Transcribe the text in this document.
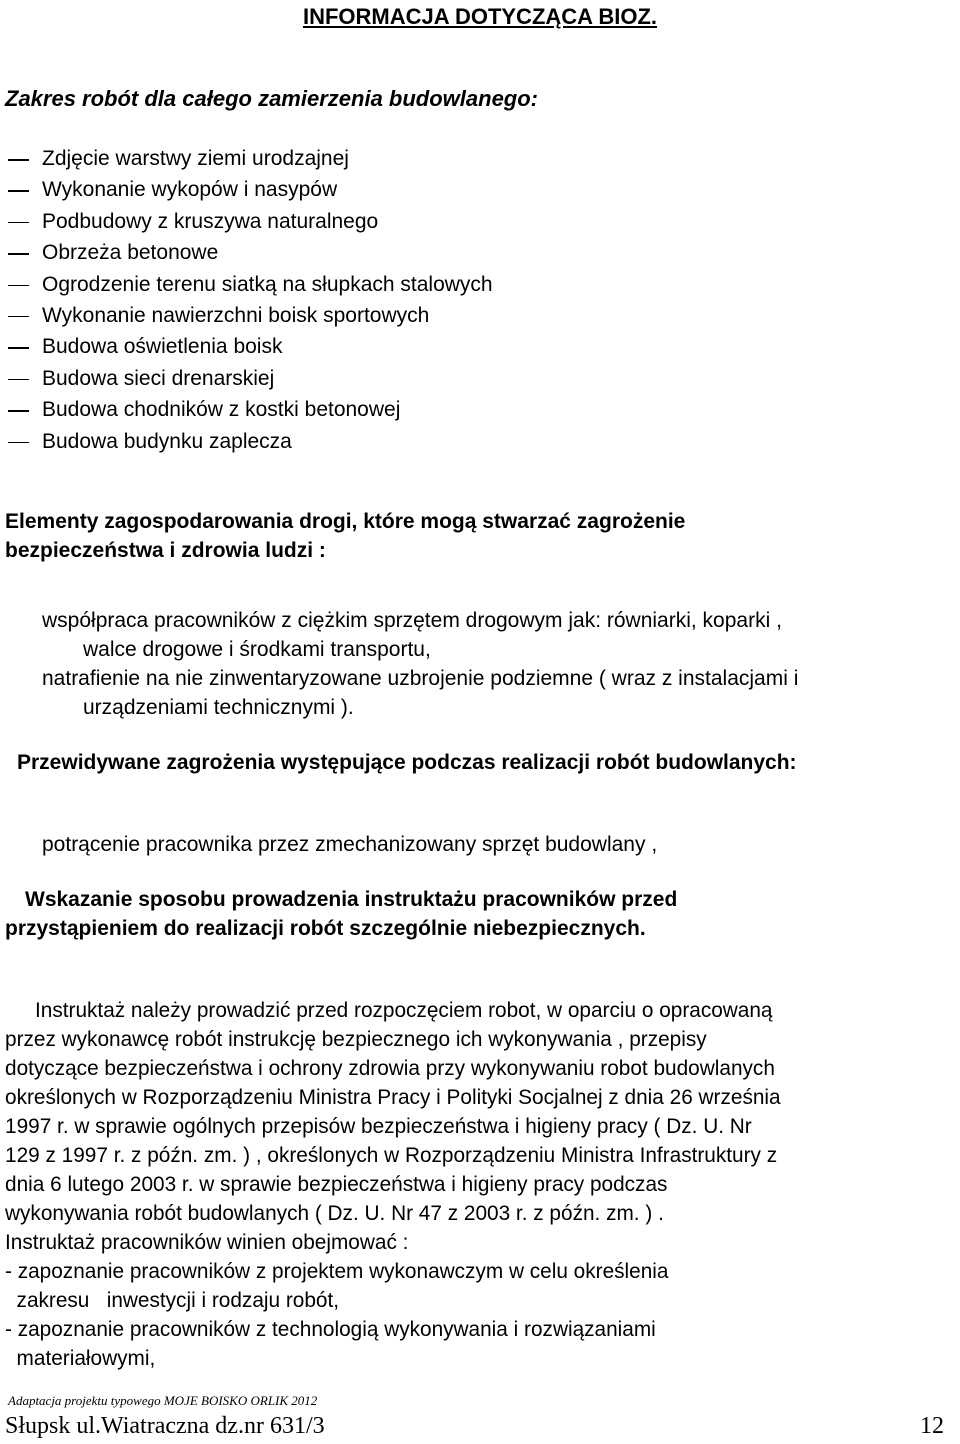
INFORMACJA DOTYCZĄCA BIOZ.
Zakres robót dla całego zamierzenia budowlanego:
Zdjęcie warstwy ziemi urodzajnej
Wykonanie wykopów i nasypów
Podbudowy z kruszywa naturalnego
Obrzeża betonowe
Ogrodzenie terenu siatką na słupkach stalowych
Wykonanie nawierzchni boisk sportowych
Budowa oświetlenia boisk
Budowa sieci drenarskiej
Budowa chodników z kostki betonowej
Budowa budynku zaplecza
Elementy zagospodarowania drogi, które mogą stwarzać zagrożenie
bezpieczeństwa i zdrowia ludzi :
współpraca pracowników z ciężkim sprzętem drogowym jak: równiarki, koparki ,
walce drogowe i środkami transportu,
natrafienie na nie zinwentaryzowane uzbrojenie podziemne ( wraz z instalacjami i
urządzeniami technicznymi ).
Przewidywane zagrożenia występujące podczas realizacji robót budowlanych:
potrącenie pracownika przez zmechanizowany sprzęt budowlany ,
Wskazanie sposobu prowadzenia instruktażu pracowników przed
przystąpieniem do realizacji robót szczególnie niebezpiecznych.
Instruktaż należy prowadzić przed rozpoczęciem robot, w oparciu o opracowaną
przez wykonawcę robót instrukcję bezpiecznego ich wykonywania , przepisy
dotyczące bezpieczeństwa i ochrony zdrowia przy wykonywaniu robot budowlanych
określonych w Rozporządzeniu Ministra Pracy i Polityki Socjalnej z dnia 26 września
1997 r. w sprawie ogólnych przepisów bezpieczeństwa i higieny pracy ( Dz. U. Nr
129 z 1997 r. z późn. zm. ) , określonych w Rozporządzeniu Ministra Infrastruktury z
dnia 6 lutego 2003 r. w sprawie bezpieczeństwa i higieny pracy podczas
wykonywania robót budowlanych ( Dz. U. Nr 47 z 2003 r. z późn. zm. ) .
Instruktaż pracowników winien obejmować :
- zapoznanie pracowników z projektem wykonawczym w celu określenia
zakresu   inwestycji i rodzaju robót,
- zapoznanie pracowników z technologią wykonywania i rozwiązaniami
materiałowymi,
Adaptacja projektu typowego MOJE BOISKO ORLIK 2012
Słupsk ul.Wiatraczna dz.nr 631/3	12
